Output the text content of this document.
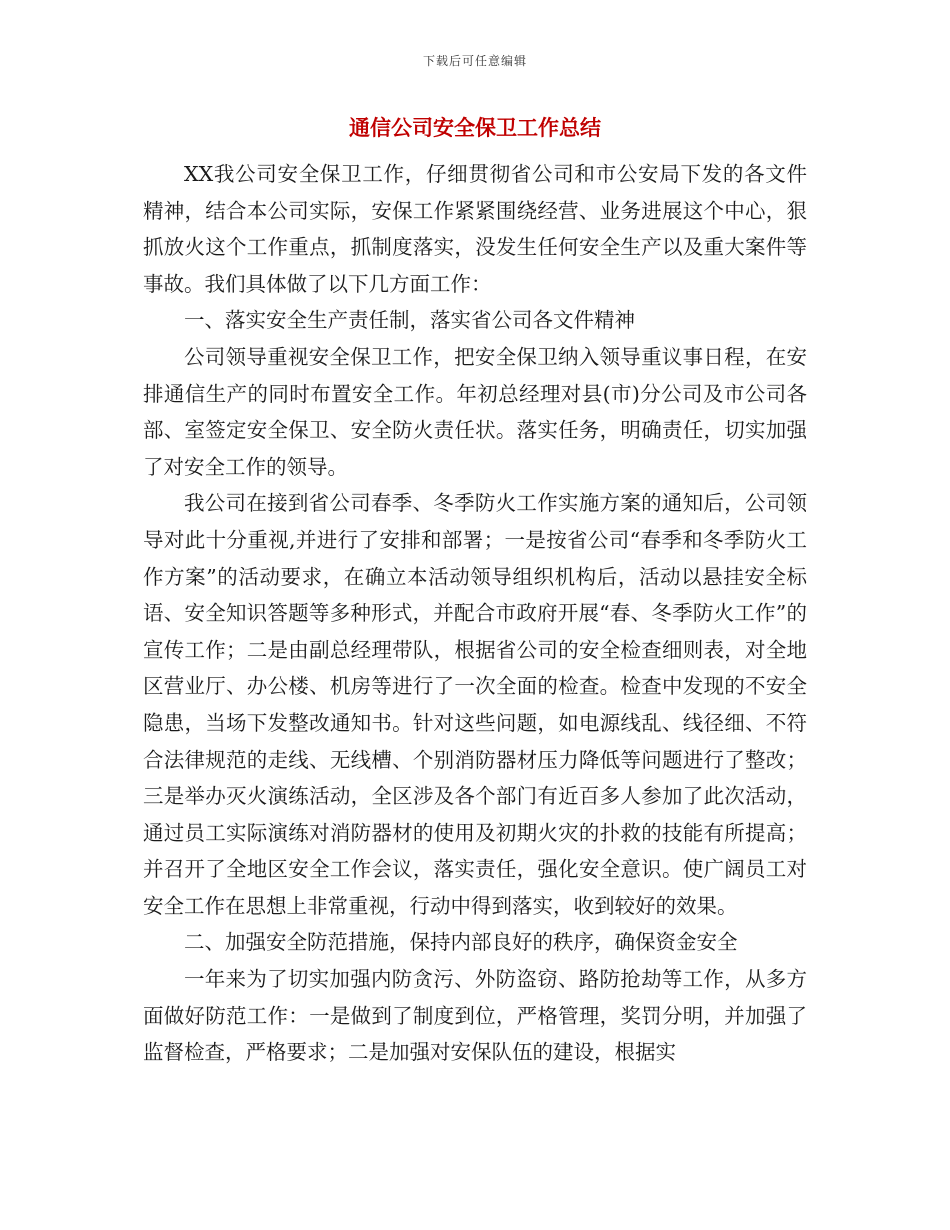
下载后可任意编辑
通信公司安全保卫工作总结

XX我公司安全保卫工作，仔细贯彻省公司和市公安局下发的各文件精神，结合本公司实际，安保工作紧紧围绕经营、业务进展这个中心，狠抓放火这个工作重点，抓制度落实，没发生任何安全生产以及重大案件等事故。我们具体做了以下几方面工作：

一、落实安全生产责任制，落实省公司各文件精神

公司领导重视安全保卫工作，把安全保卫纳入领导重议事日程，在安排通信生产的同时布置安全工作。年初总经理对县(市)分公司及市公司各部、室签定安全保卫、安全防火责任状。落实任务，明确责任，切实加强了对安全工作的领导。

我公司在接到省公司春季、冬季防火工作实施方案的通知后，公司领导对此十分重视,并进行了安排和部署；一是按省公司“春季和冬季防火工作方案”的活动要求，在确立本活动领导组织机构后，活动以悬挂安全标语、安全知识答题等多种形式，并配合市政府开展“春、冬季防火工作”的宣传工作；二是由副总经理带队，根据省公司的安全检查细则表，对全地区营业厅、办公楼、机房等进行了一次全面的检查。检查中发现的不安全隐患，当场下发整改通知书。针对这些问题，如电源线乱、线径细、不符合法律规范的走线、无线槽、个别消防器材压力降低等问题进行了整改；三是举办灭火演练活动，全区涉及各个部门有近百多人参加了此次活动，通过员工实际演练对消防器材的使用及初期火灾的扑救的技能有所提高；并召开了全地区安全工作会议，落实责任，强化安全意识。使广阔员工对安全工作在思想上非常重视，行动中得到落实，收到较好的效果。

二、加强安全防范措施，保持内部良好的秩序，确保资金安全

一年来为了切实加强内防贪污、外防盗窃、路防抢劫等工作，从多方面做好防范工作：一是做到了制度到位，严格管理，奖罚分明，并加强了监督检查，严格要求；二是加强对安保队伍的建设，根据实
